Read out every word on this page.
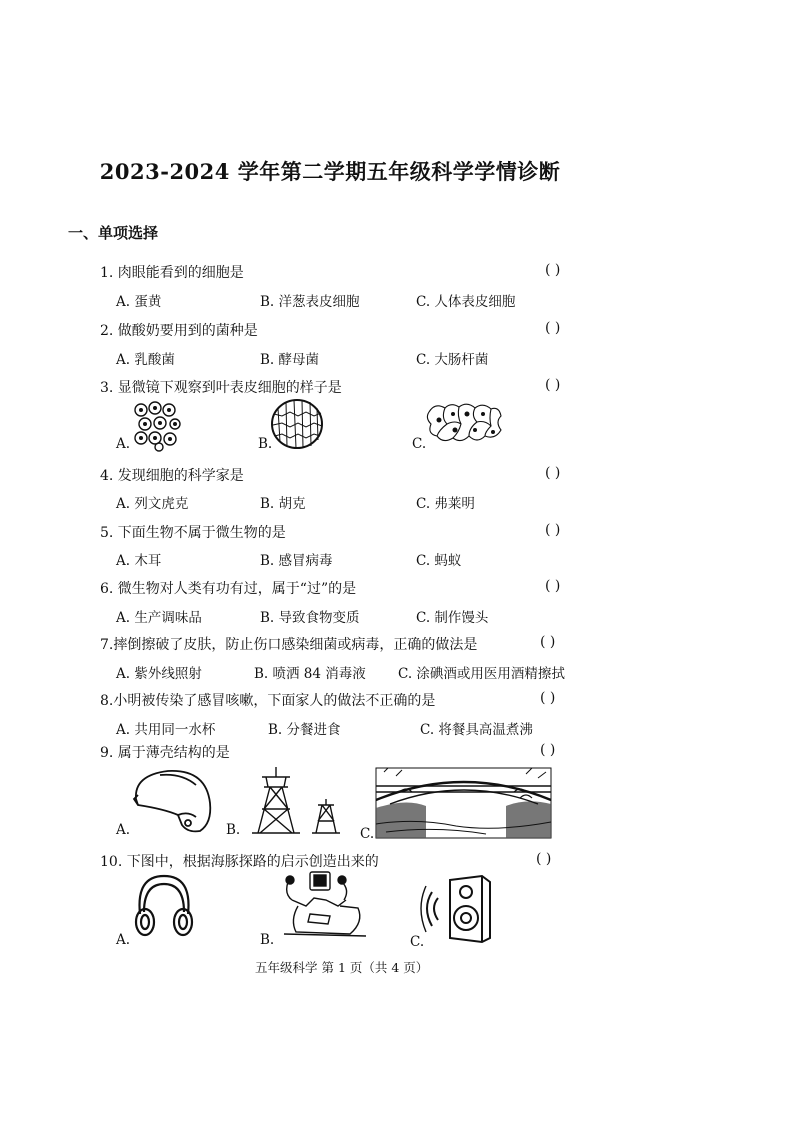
2023-2024 学年第二学期五年级科学学情诊断
一、单项选择
1. 肉眼能看到的细胞是	( )
A. 蛋黄	B. 洋葱表皮细胞	C. 人体表皮细胞
2. 做酸奶要用到的菌种是	( )
A. 乳酸菌	B. 酵母菌	C. 大肠杆菌
3. 显微镜下观察到叶表皮细胞的样子是	( )
A.	B.	C.
4. 发现细胞的科学家是	( )
A. 列文虎克	B. 胡克	C. 弗莱明
5. 下面生物不属于微生物的是	( )
A. 木耳	B. 感冒病毒	C. 蚂蚁
6. 微生物对人类有功有过，属于“过”的是	( )
A. 生产调味品	B. 导致食物变质	C. 制作馒头
7.摔倒擦破了皮肤，防止伤口感染细菌或病毒，正确的做法是	( )
A. 紫外线照射	B. 喷洒 84 消毒液 C. 涂碘酒或用医用酒精擦拭
8.小明被传染了感冒咳嗽，下面家人的做法不正确的是	( )
A. 共用同一水杯	B. 分餐进食	C. 将餐具高温煮沸
9. 属于薄壳结构的是	( )
A.	B.	C.
10. 下图中，根据海豚探路的启示创造出来的	( )
A.	B.	C.
五年级科学 第 1 页（共 4 页）
